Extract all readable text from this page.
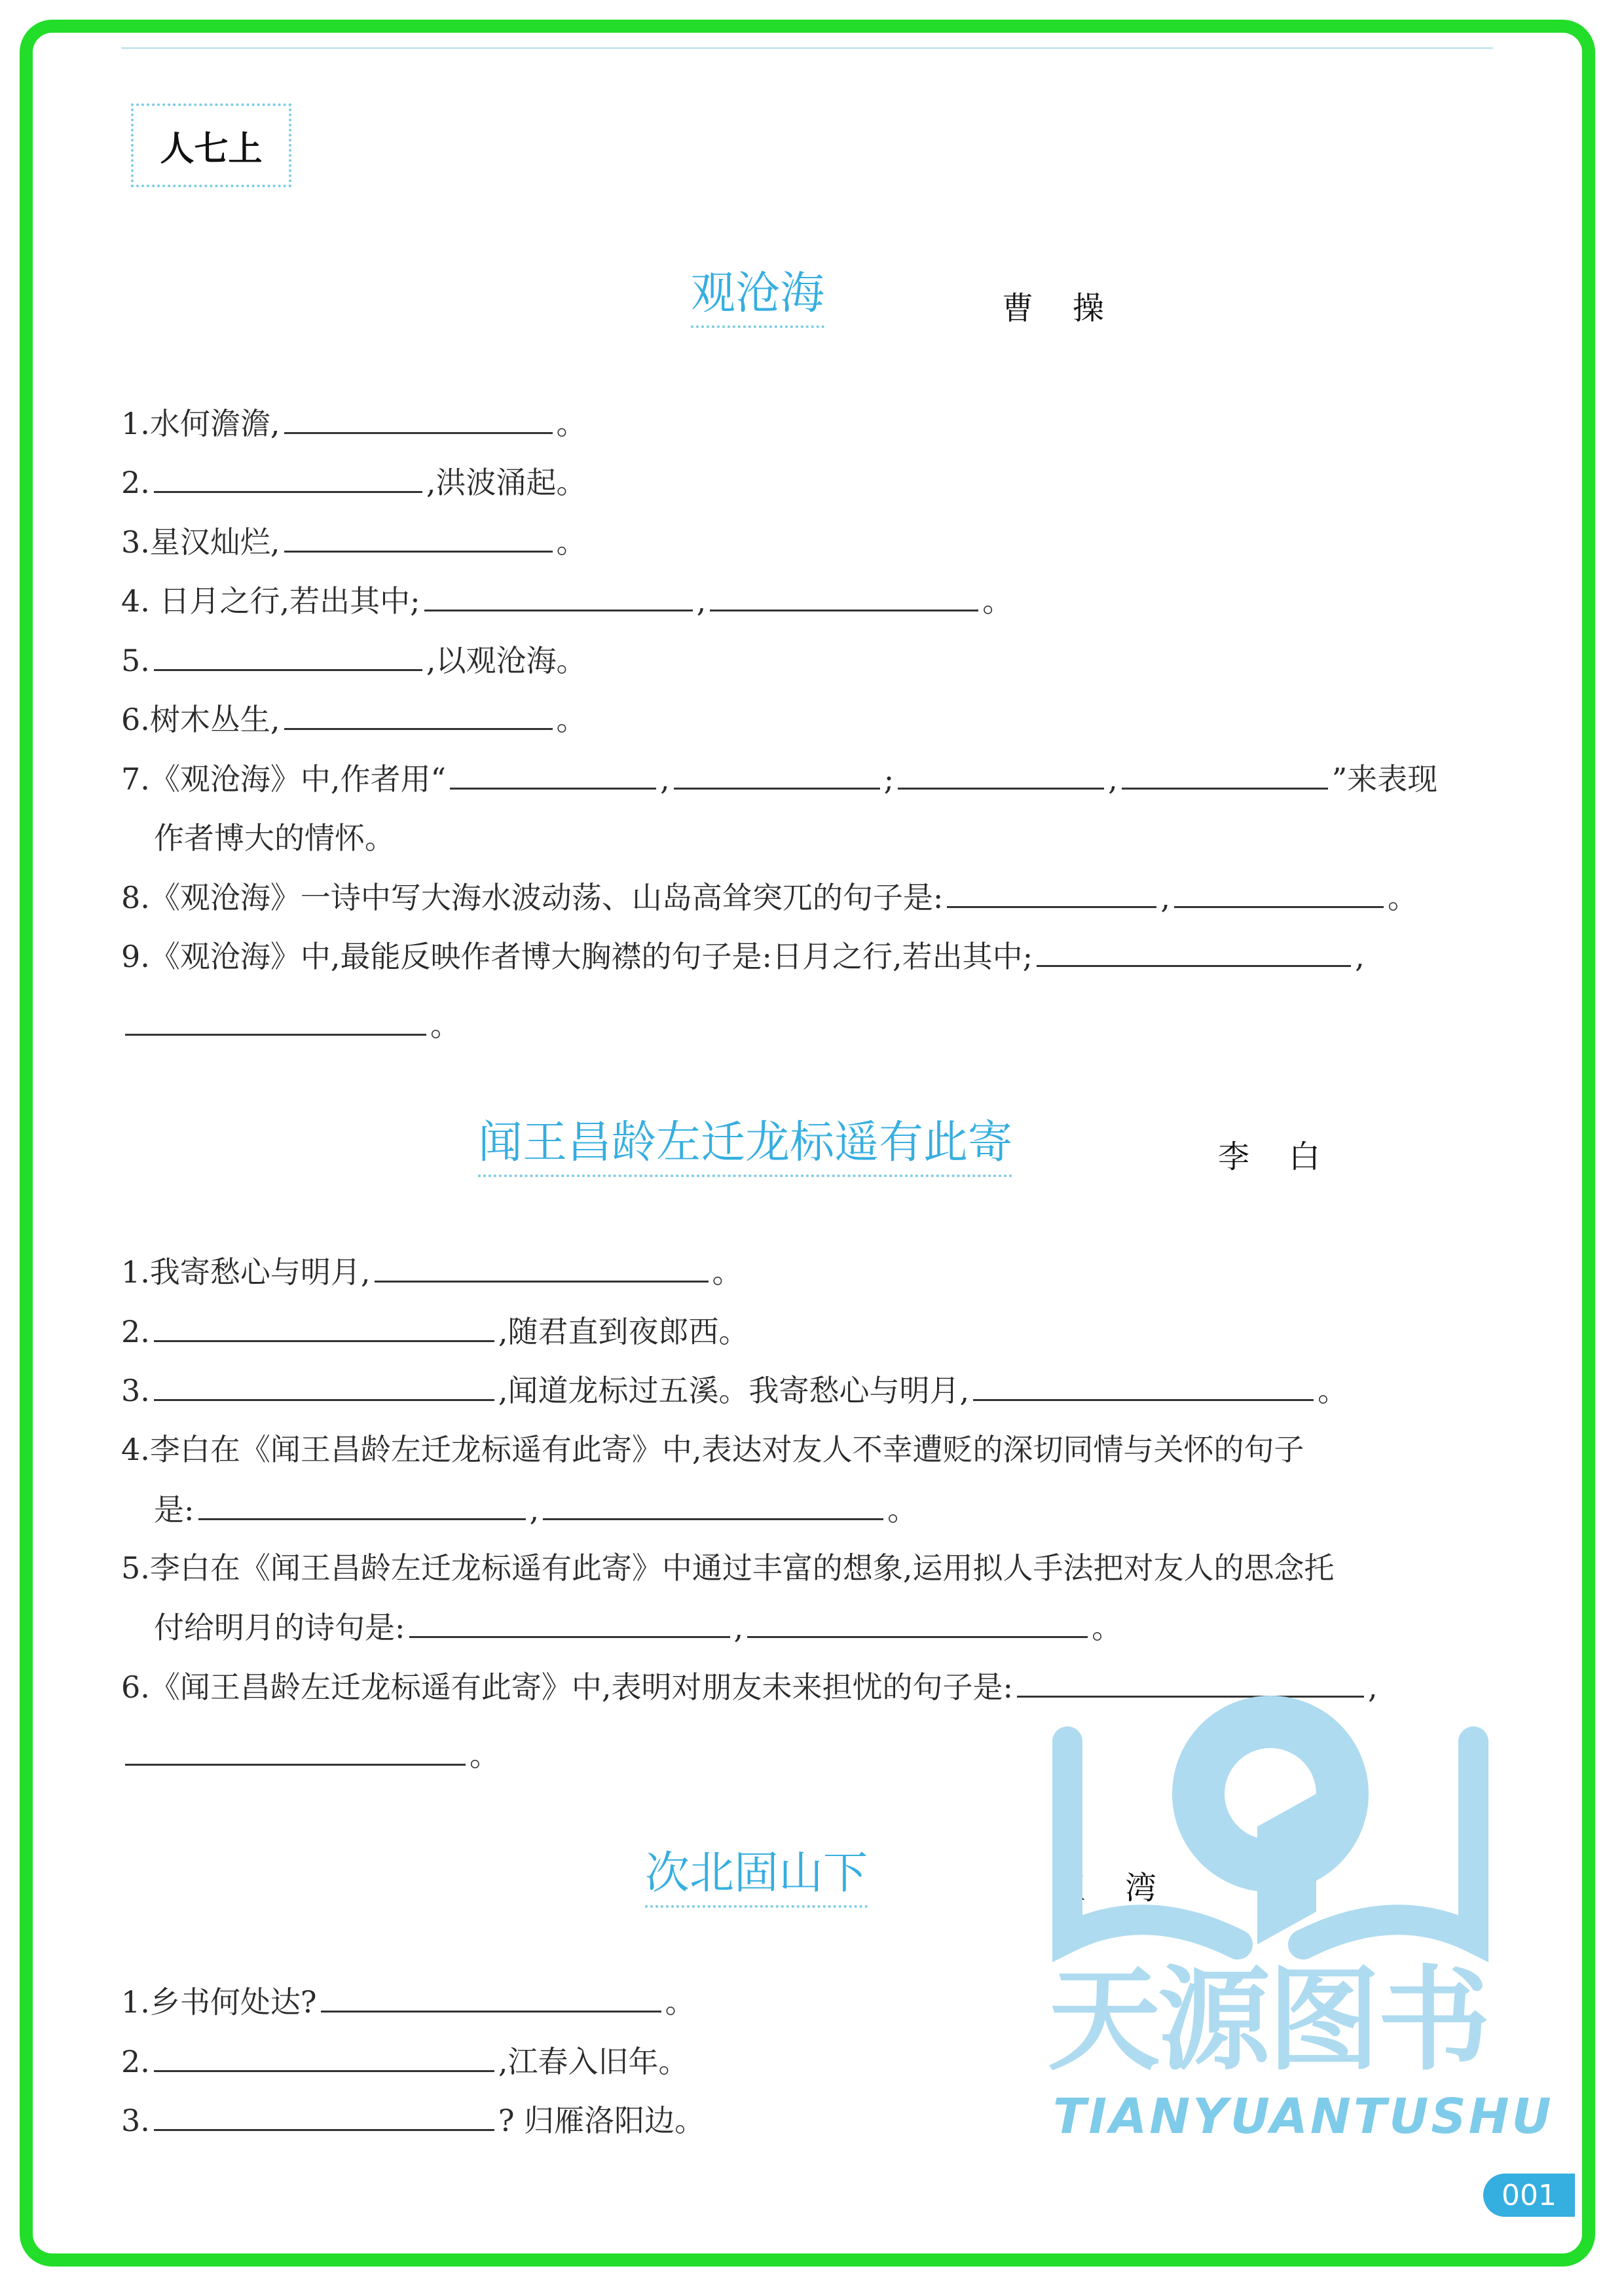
人七上
观沧海	曹操
1.水何澹澹,	。
2.	,洪波涌起。
3.星汉灿烂,	。
4. 日月之行,若出其中;	,	。
5.	,以观沧海。
6.树木丛生,	。
7.《观沧海》中,作者用“	,	;	,	”来表现
作者博大的情怀。
8.《观沧海》一诗中写大海水波动荡、山岛高耸突兀的句子是:	,	。
9.《观沧海》中,最能反映作者博大胸襟的句子是:日月之行,若出其中;	,
。
闻王昌龄左迁龙标遥有此寄	李白
1.我寄愁心与明月,	。
2.	,随君直到夜郎西。
3.	,闻道龙标过五溪。我寄愁心与明月,	。
4.李白在《闻王昌龄左迁龙标遥有此寄》中,表达对友人不幸遭贬的深切同情与关怀的句子
是:	,	。
5.李白在《闻王昌龄左迁龙标遥有此寄》中通过丰富的想象,运用拟人手法把对友人的思念托
付给明月的诗句是:	,	。
6.《闻王昌龄左迁龙标遥有此寄》中,表明对朋友未来担忧的句子是:	,
。
次北固山下	王湾
1.乡书何处达?	。
2.	,江春入旧年。
3.	? 归雁洛阳边。
天源图书
TIANYUANTUSHU
001
